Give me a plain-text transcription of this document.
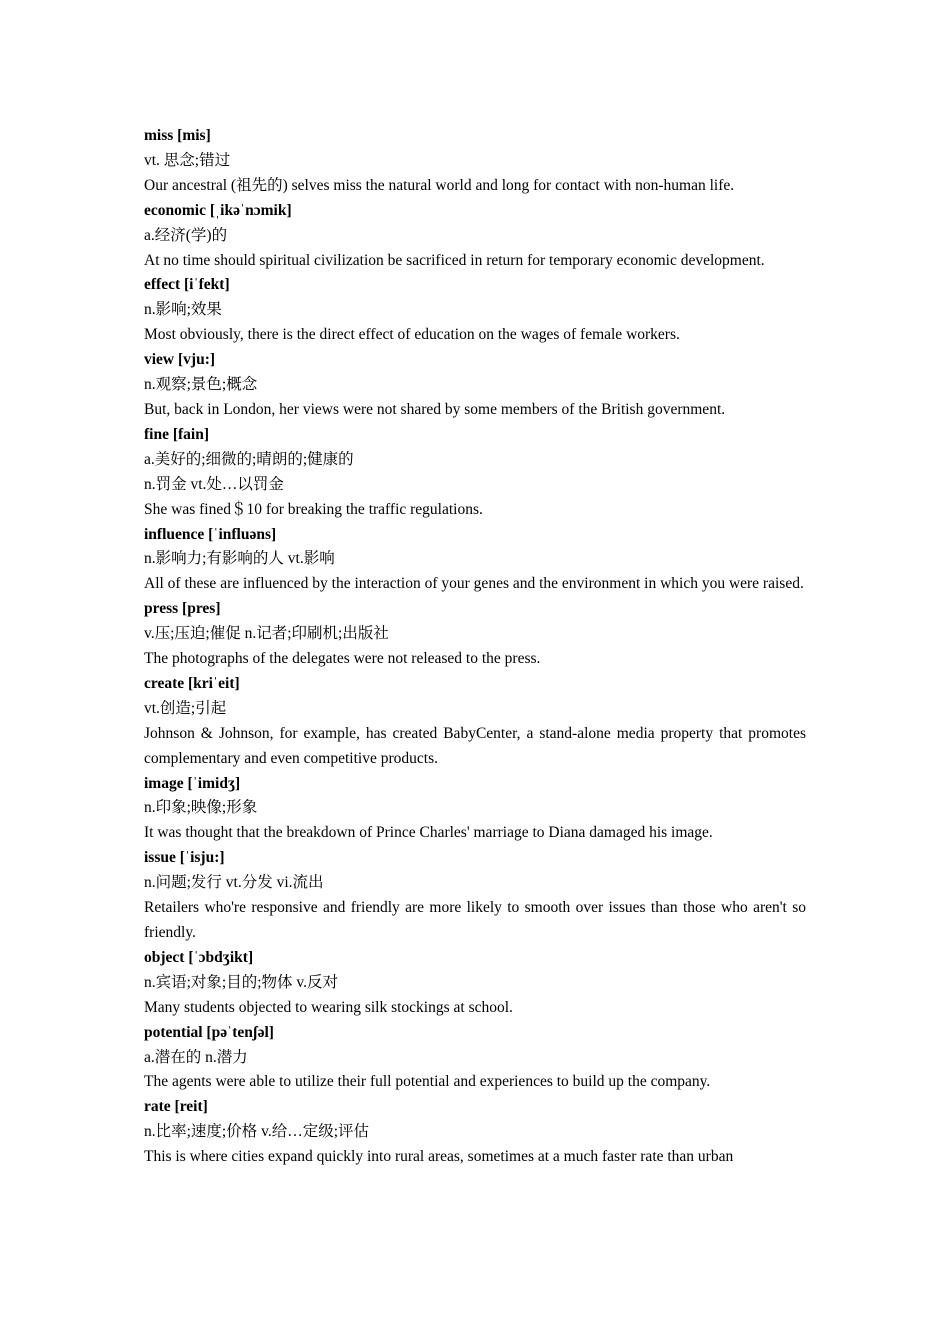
miss [mis]
vt. 思念;错过
Our ancestral (祖先的) selves miss the natural world and long for contact with non-human life.
economic [ˌikəˈnɔmik]
a.经济(学)的
At no time should spiritual civilization be sacrificed in return for temporary economic development.
effect [iˈfekt]
n.影响;效果
Most obviously, there is the direct effect of education on the wages of female workers.
view [vju:]
n.观察;景色;概念
But, back in London, her views were not shared by some members of the British government.
fine [fain]
a.美好的;细微的;晴朗的;健康的
n.罚金 vt.处…以罚金
She was fined＄10 for breaking the traffic regulations.
influence [ˈinfluəns]
n.影响力;有影响的人 vt.影响
All of these are influenced by the interaction of your genes and the environment in which you were raised.
press [pres]
v.压;压迫;催促 n.记者;印刷机;出版社
The photographs of the delegates were not released to the press.
create [kriˈeit]
vt.创造;引起
Johnson & Johnson, for example, has created BabyCenter, a stand-alone media property that promotes complementary and even competitive products.
image [ˈimidʒ]
n.印象;映像;形象
It was thought that the breakdown of Prince Charles' marriage to Diana damaged his image.
issue [ˈisju:]
n.问题;发行 vt.分发 vi.流出
Retailers who're responsive and friendly are more likely to smooth over issues than those who aren't so friendly.
object [ˈɔbdʒikt]
n.宾语;对象;目的;物体 v.反对
Many students objected to wearing silk stockings at school.
potential [pəˈtenʃəl]
a.潜在的 n.潜力
The agents were able to utilize their full potential and experiences to build up the company.
rate [reit]
n.比率;速度;价格 v.给…定级;评估
This is where cities expand quickly into rural areas, sometimes at a much faster rate than urban
